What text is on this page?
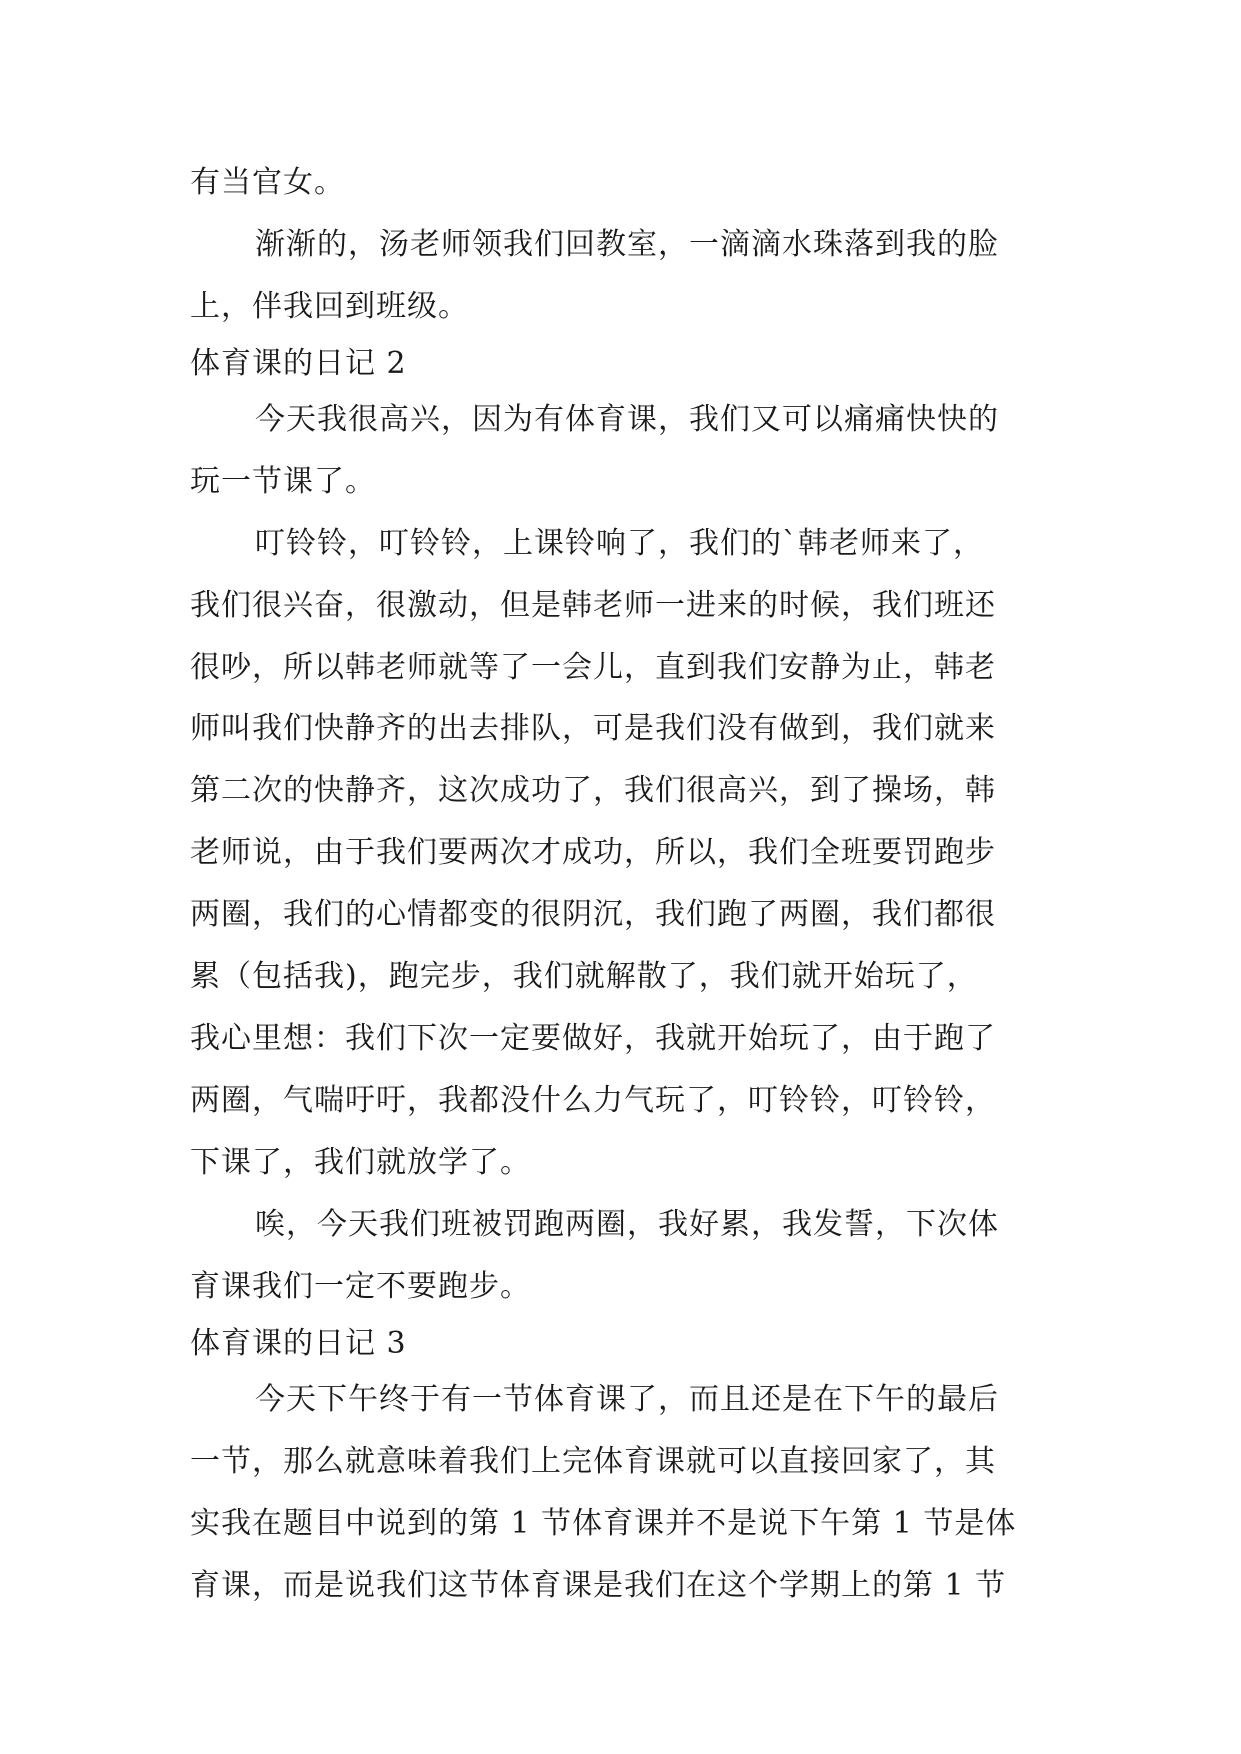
有当官女。

渐渐的，汤老师领我们回教室，一滴滴水珠落到我的脸

上，伴我回到班级。

体育课的日记 2

今天我很高兴，因为有体育课，我们又可以痛痛快快的

玩一节课了。

叮铃铃，叮铃铃，上课铃响了，我们的`韩老师来了，

我们很兴奋，很激动，但是韩老师一进来的时候，我们班还

很吵，所以韩老师就等了一会儿，直到我们安静为止，韩老

师叫我们快静齐的出去排队，可是我们没有做到，我们就来

第二次的快静齐，这次成功了，我们很高兴，到了操场，韩

老师说，由于我们要两次才成功，所以，我们全班要罚跑步

两圈，我们的心情都变的很阴沉，我们跑了两圈，我们都很

累（包括我)，跑完步，我们就解散了，我们就开始玩了，

我心里想：我们下次一定要做好，我就开始玩了，由于跑了

两圈，气喘吁吁，我都没什么力气玩了，叮铃铃，叮铃铃，

下课了，我们就放学了。

唉，今天我们班被罚跑两圈，我好累，我发誓，下次体

育课我们一定不要跑步。

体育课的日记 3

今天下午终于有一节体育课了，而且还是在下午的最后

一节，那么就意味着我们上完体育课就可以直接回家了，其

实我在题目中说到的第 1 节体育课并不是说下午第 1 节是体

育课，而是说我们这节体育课是我们在这个学期上的第 1 节
